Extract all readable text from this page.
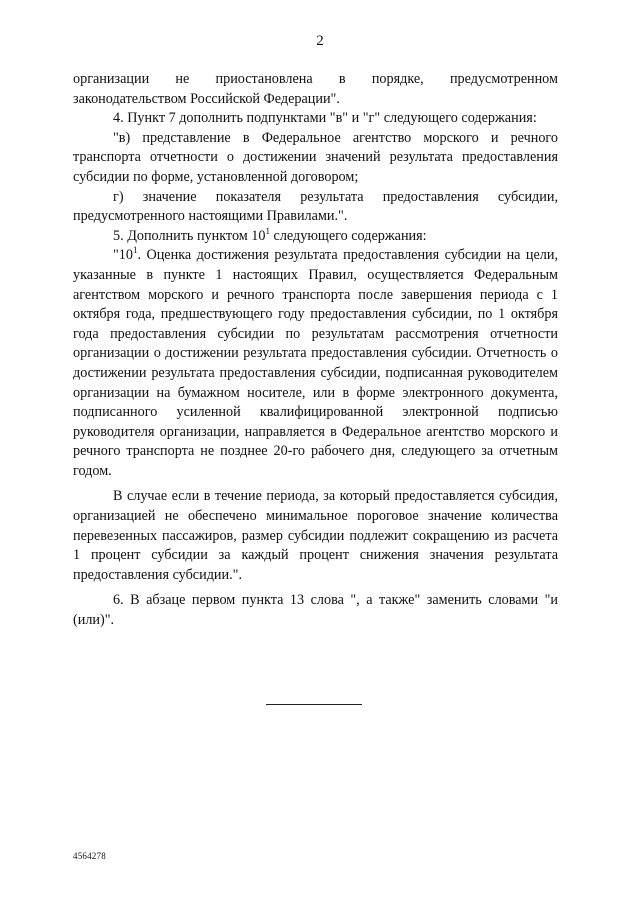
2

организации не приостановлена в порядке, предусмотренном законодательством Российской Федерации".

4. Пункт 7 дополнить подпунктами "в" и "г" следующего содержания:

"в) представление в Федеральное агентство морского и речного транспорта отчетности о достижении значений результата предоставления субсидии по форме, установленной договором;

г) значение показателя результата предоставления субсидии, предусмотренного настоящими Правилами.".

5. Дополнить пунктом $10^1$ следующего содержания:

"$10^1$. Оценка достижения результата предоставления субсидии на цели, указанные в пункте 1 настоящих Правил, осуществляется Федеральным агентством морского и речного транспорта после завершения периода с 1 октября года, предшествующего году предоставления субсидии, по 1 октября года предоставления субсидии по результатам рассмотрения отчетности организации о достижении результата предоставления субсидии. Отчетность о достижении результата предоставления субсидии, подписанная руководителем организации на бумажном носителе, или в форме электронного документа, подписанного усиленной квалифицированной электронной подписью руководителя организации, направляется в Федеральное агентство морского и речного транспорта не позднее 20-го рабочего дня, следующего за отчетным годом.

В случае если в течение периода, за который предоставляется субсидия, организацией не обеспечено минимальное пороговое значение количества перевезенных пассажиров, размер субсидии подлежит сокращению из расчета 1 процент субсидии за каждый процент снижения значения результата предоставления субсидии.".

6. В абзаце первом пункта 13 слова ", а также" заменить словами "и (или)".

4564278
